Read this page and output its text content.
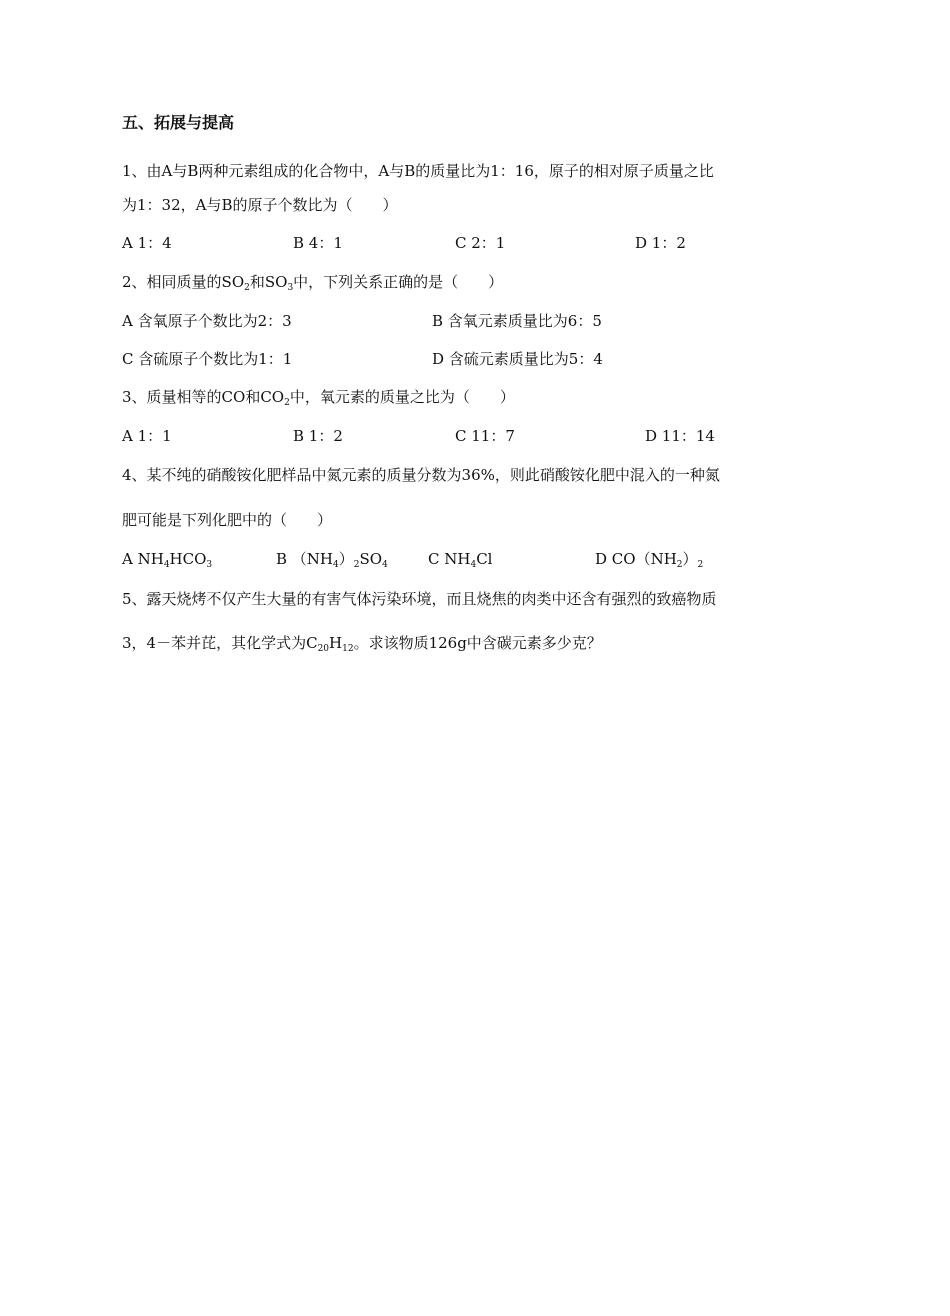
五、拓展与提高
1、由A与B两种元素组成的化合物中，A与B的质量比为1：16，原子的相对原子质量之比
为1：32，A与B的原子个数比为（　　）
A 1：4	B 4：1	C 2：1	D 1：2
2、相同质量的$SO_2$和$SO_3$中，下列关系正确的是（　　）
A 含氧原子个数比为2：3	B 含氧元素质量比为6：5
C 含硫原子个数比为1：1	D 含硫元素质量比为5：4
3、质量相等的CO和$CO_2$中，氧元素的质量之比为（　　）
A 1：1	B 1：2	C 11：7	D 11：14
4、某不纯的硝酸铵化肥样品中氮元素的质量分数为36%，则此硝酸铵化肥中混入的一种氮
肥可能是下列化肥中的（　　）
A $NH_4HCO_3$	B $(NH_4)_2SO_4$	C $NH_4Cl$	D $CO(NH_2)_2$
5、露天烧烤不仅产生大量的有害气体污染环境，而且烧焦的肉类中还含有强烈的致癌物质
3，4－苯并芘，其化学式为$C_{20}H_{12}$。求该物质126g中含碳元素多少克？
